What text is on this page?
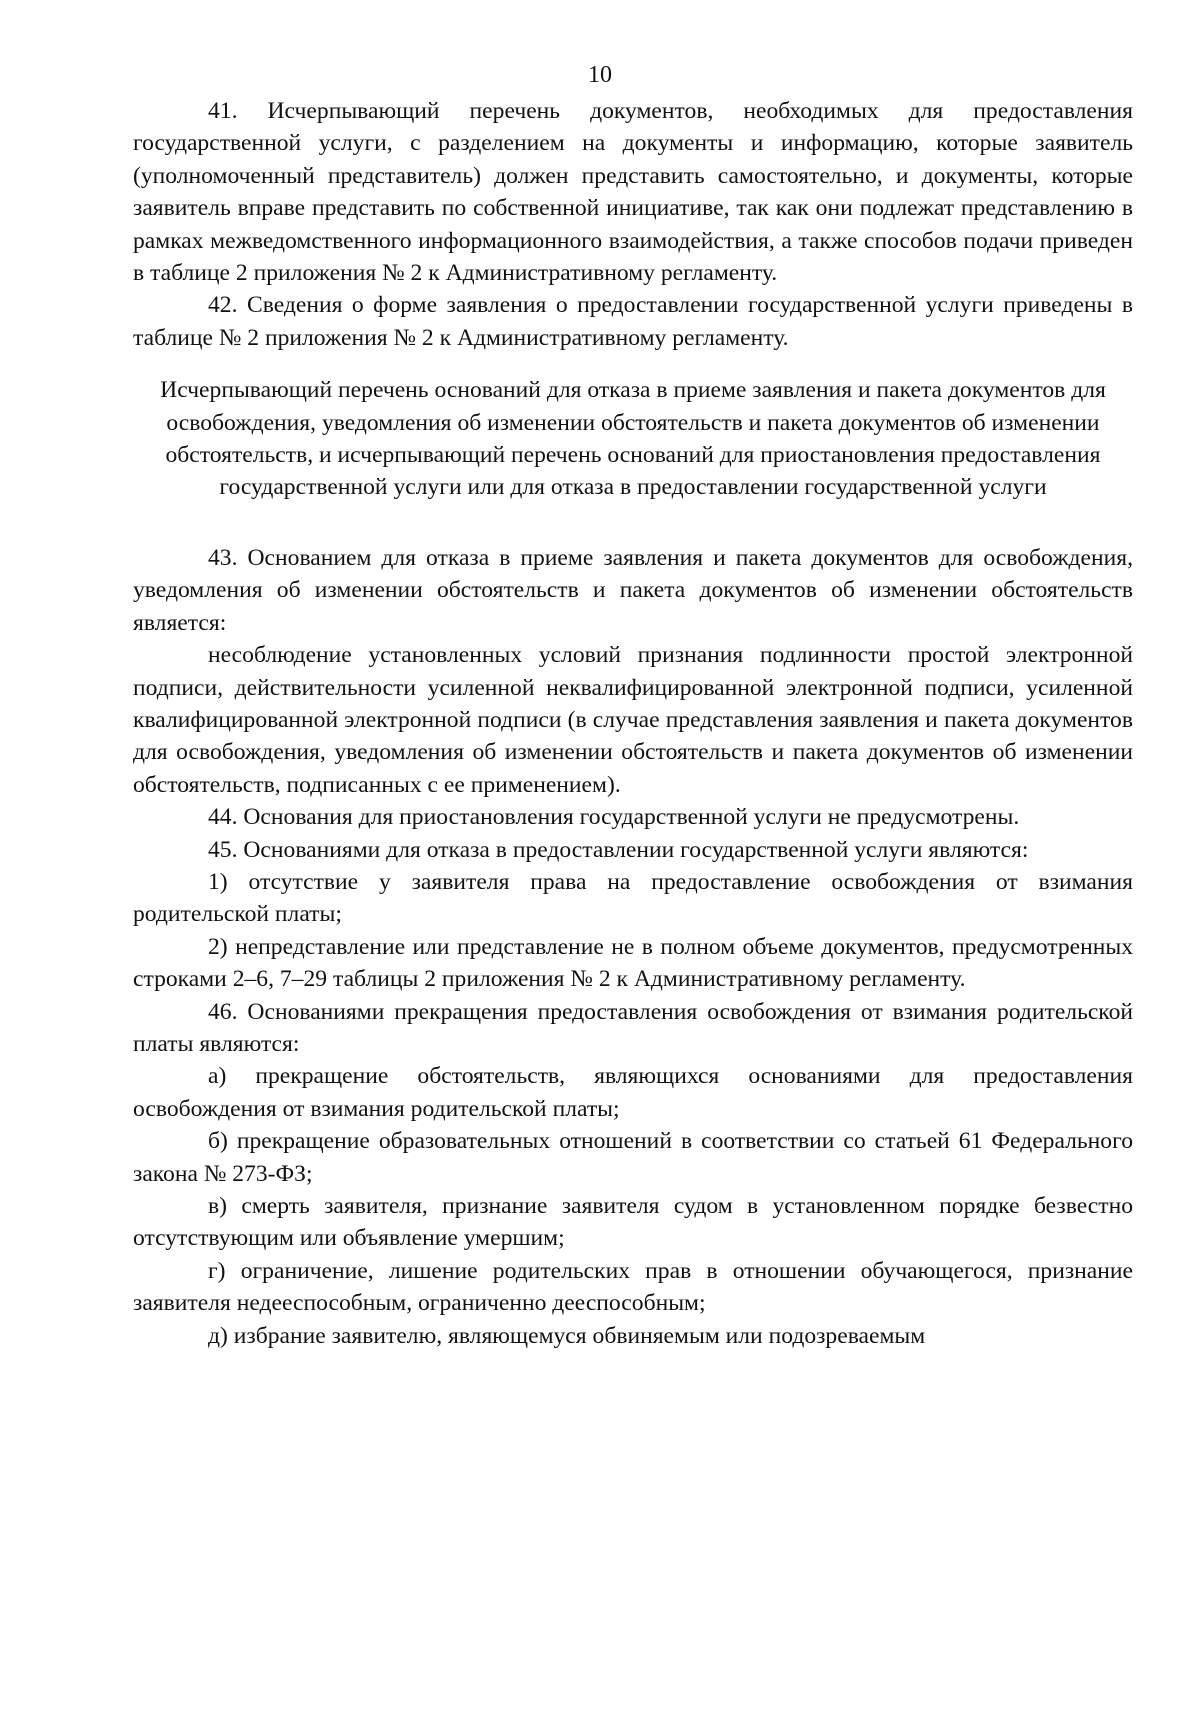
10

41. Исчерпывающий перечень документов, необходимых для предоставления государственной услуги, с разделением на документы и информацию, которые заявитель (уполномоченный представитель) должен представить самостоятельно, и документы, которые заявитель вправе представить по собственной инициативе, так как они подлежат представлению в рамках межведомственного информационного взаимодействия, а также способов подачи приведен в таблице 2 приложения № 2 к Административному регламенту.

42. Сведения о форме заявления о предоставлении государственной услуги приведены в таблице № 2 приложения № 2 к Административному регламенту.

Исчерпывающий перечень оснований для отказа в приеме заявления и пакета документов для освобождения, уведомления об изменении обстоятельств и пакета документов об изменении обстоятельств, и исчерпывающий перечень оснований для приостановления предоставления государственной услуги или для отказа в предоставлении государственной услуги

43. Основанием для отказа в приеме заявления и пакета документов для освобождения, уведомления об изменении обстоятельств и пакета документов об изменении обстоятельств является:

несоблюдение установленных условий признания подлинности простой электронной подписи, действительности усиленной неквалифицированной электронной подписи, усиленной квалифицированной электронной подписи (в случае представления заявления и пакета документов для освобождения, уведомления об изменении обстоятельств и пакета документов об изменении обстоятельств, подписанных с ее применением).

44. Основания для приостановления государственной услуги не предусмотрены.

45. Основаниями для отказа в предоставлении государственной услуги являются:

1) отсутствие у заявителя права на предоставление освобождения от взимания родительской платы;

2) непредставление или представление не в полном объеме документов, предусмотренных строками 2–6, 7–29 таблицы 2 приложения № 2 к Административному регламенту.

46. Основаниями прекращения предоставления освобождения от взимания родительской платы являются:

а) прекращение обстоятельств, являющихся основаниями для предоставления освобождения от взимания родительской платы;

б) прекращение образовательных отношений в соответствии со статьей 61 Федерального закона № 273-ФЗ;

в) смерть заявителя, признание заявителя судом в установленном порядке безвестно отсутствующим или объявление умершим;

г) ограничение, лишение родительских прав в отношении обучающегося, признание заявителя недееспособным, ограниченно дееспособным;

д) избрание заявителю, являющемуся обвиняемым или подозреваемым
